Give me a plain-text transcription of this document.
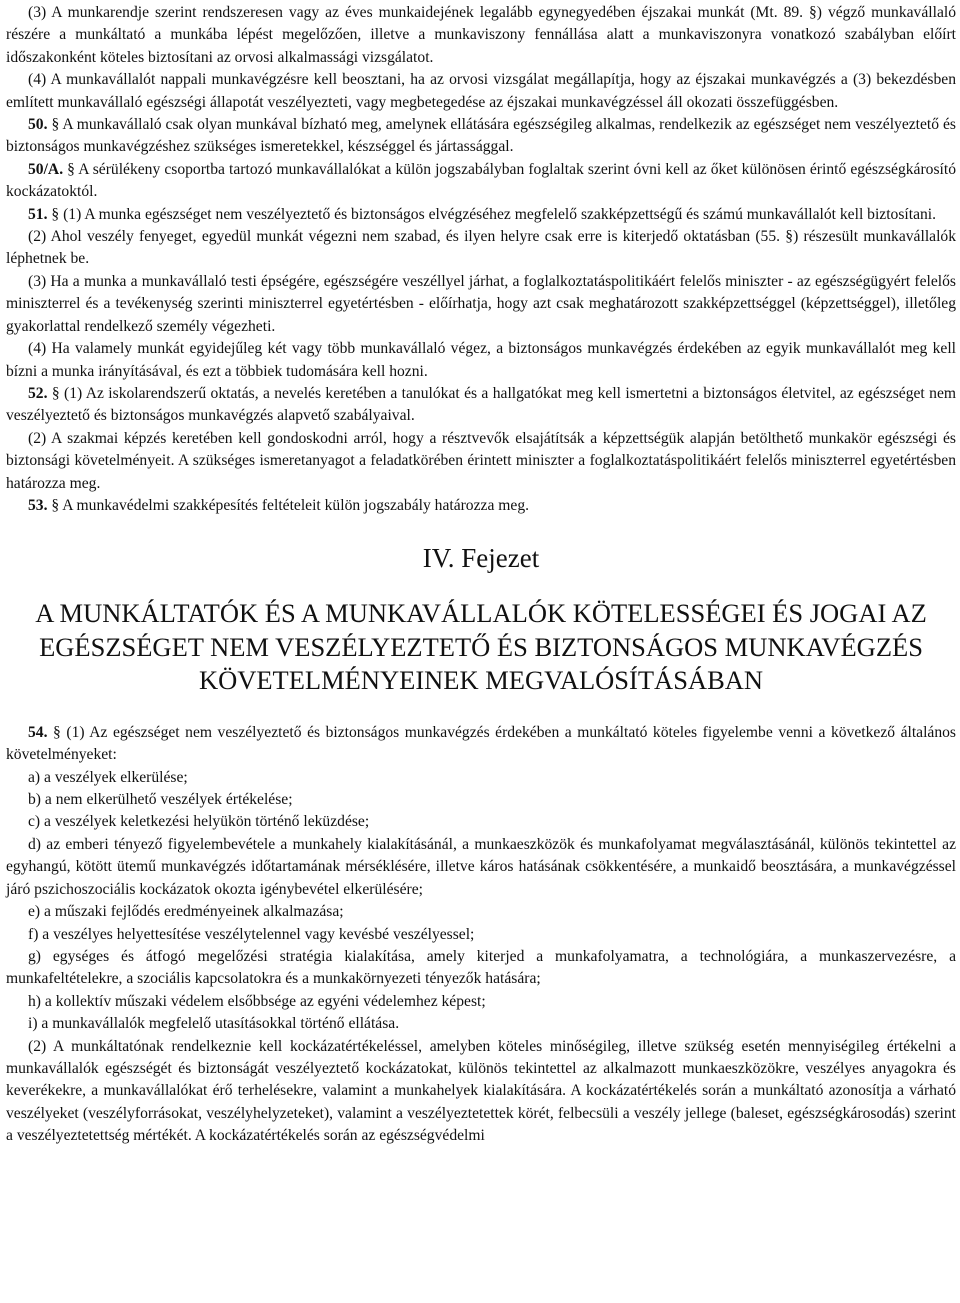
(3) A munkarendje szerint rendszeresen vagy az éves munkaidejének legalább egynegyedében éjszakai munkát (Mt. 89. §) végző munkavállaló részére a munkáltató a munkába lépést megelőzően, illetve a munkaviszony fennállása alatt a munkaviszonyra vonatkozó szabályban előírt időszakonként köteles biztosítani az orvosi alkalmassági vizsgálatot.

(4) A munkavállalót nappali munkavégzésre kell beosztani, ha az orvosi vizsgálat megállapítja, hogy az éjszakai munkavégzés a (3) bekezdésben említett munkavállaló egészségi állapotát veszélyezteti, vagy megbetegedése az éjszakai munkavégzéssel áll okozati összefüggésben.

50. § A munkavállaló csak olyan munkával bízható meg, amelynek ellátására egészségileg alkalmas, rendelkezik az egészséget nem veszélyeztető és biztonságos munkavégzéshez szükséges ismeretekkel, készséggel és jártassággal.

50/A. § A sérülékeny csoportba tartozó munkavállalókat a külön jogszabályban foglaltak szerint óvni kell az őket különösen érintő egészségkárosító kockázatoktól.

51. § (1) A munka egészséget nem veszélyeztető és biztonságos elvégzéséhez megfelelő szakképzettségű és számú munkavállalót kell biztosítani.

(2) Ahol veszély fenyeget, egyedül munkát végezni nem szabad, és ilyen helyre csak erre is kiterjedő oktatásban (55. §) részesült munkavállalók léphetnek be.

(3) Ha a munka a munkavállaló testi épségére, egészségére veszéllyel járhat, a foglalkoztatáspolitikáért felelős miniszter - az egészségügyért felelős miniszterrel és a tevékenység szerinti miniszterrel egyetértésben - előírhatja, hogy azt csak meghatározott szakképzettséggel (képzettséggel), illetőleg gyakorlattal rendelkező személy végezheti.

(4) Ha valamely munkát egyidejűleg két vagy több munkavállaló végez, a biztonságos munkavégzés érdekében az egyik munkavállalót meg kell bízni a munka irányításával, és ezt a többiek tudomására kell hozni.

52. § (1) Az iskolarendszerű oktatás, a nevelés keretében a tanulókat és a hallgatókat meg kell ismertetni a biztonságos életvitel, az egészséget nem veszélyeztető és biztonságos munkavégzés alapvető szabályaival.

(2) A szakmai képzés keretében kell gondoskodni arról, hogy a résztvevők elsajátítsák a képzettségük alapján betölthető munkakör egészségi és biztonsági követelményeit. A szükséges ismeretanyagot a feladatkörében érintett miniszter a foglalkoztatáspolitikáért felelős miniszterrel egyetértésben határozza meg.

53. § A munkavédelmi szakképesítés feltételeit külön jogszabály határozza meg.

IV. Fejezet
A MUNKÁLTATÓK ÉS A MUNKAVÁLLALÓK KÖTELESSÉGEI ÉS JOGAI AZ EGÉSZSÉGET NEM VESZÉLYEZTETŐ ÉS BIZTONSÁGOS MUNKAVÉGZÉS KÖVETELMÉNYEINEK MEGVALÓSÍTÁSÁBAN

54. § (1) Az egészséget nem veszélyeztető és biztonságos munkavégzés érdekében a munkáltató köteles figyelembe venni a következő általános követelményeket:

a) a veszélyek elkerülése;

b) a nem elkerülhető veszélyek értékelése;

c) a veszélyek keletkezési helyükön történő leküzdése;

d) az emberi tényező figyelembevétele a munkahely kialakításánál, a munkaeszközök és munkafolyamat megválasztásánál, különös tekintettel az egyhangú, kötött ütemű munkavégzés időtartamának mérséklésére, illetve káros hatásának csökkentésére, a munkaidő beosztására, a munkavégzéssel járó pszichoszociális kockázatok okozta igénybevétel elkerülésére;

e) a műszaki fejlődés eredményeinek alkalmazása;

f) a veszélyes helyettesítése veszélytelennel vagy kevésbé veszélyessel;

g) egységes és átfogó megelőzési stratégia kialakítása, amely kiterjed a munkafolyamatra, a technológiára, a munkaszervezésre, a munkafeltételekre, a szociális kapcsolatokra és a munkakörnyezeti tényezők hatására;

h) a kollektív műszaki védelem elsőbbsége az egyéni védelemhez képest;

i) a munkavállalók megfelelő utasításokkal történő ellátása.

(2) A munkáltatónak rendelkeznie kell kockázatértékeléssel, amelyben köteles minőségileg, illetve szükség esetén mennyiségileg értékelni a munkavállalók egészségét és biztonságát veszélyeztető kockázatokat, különös tekintettel az alkalmazott munkaeszközökre, veszélyes anyagokra és keverékekre, a munkavállalókat érő terhelésekre, valamint a munkahelyek kialakítására. A kockázatértékelés során a munkáltató azonosítja a várható veszélyeket (veszélyforrásokat, veszélyhelyzeteket), valamint a veszélyeztetettek körét, felbecsüli a veszély jellege (baleset, egészségkárosodás) szerint a veszélyeztetettség mértékét. A kockázatértékelés során az egészségvédelmi
